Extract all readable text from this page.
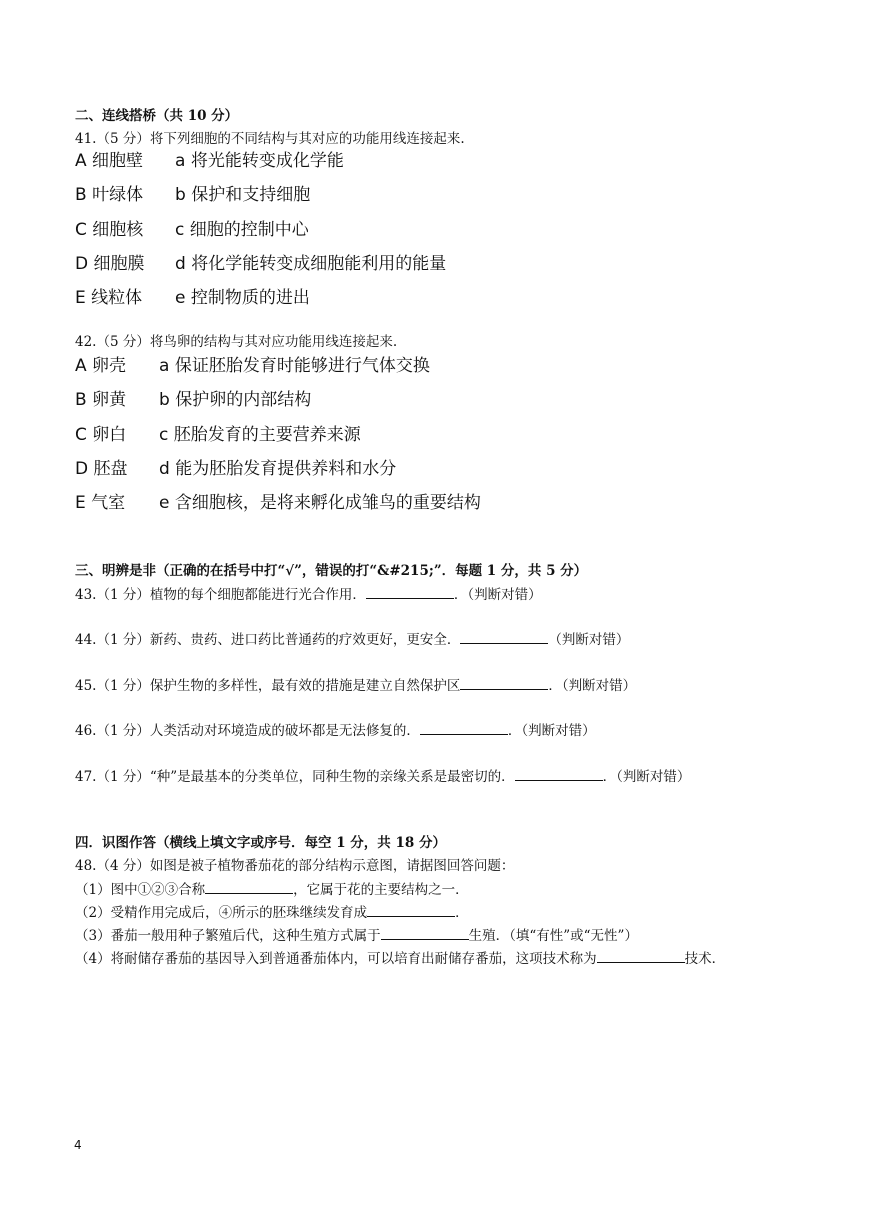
二、连线搭桥（共 10 分）
41.（5 分）将下列细胞的不同结构与其对应的功能用线连接起来.
A 细胞壁 a 将光能转变成化学能
B 叶绿体 b 保护和支持细胞
C 细胞核 c 细胞的控制中心
D 细胞膜 d 将化学能转变成细胞能利用的能量
E 线粒体 e 控制物质的进出
42.（5 分）将鸟卵的结构与其对应功能用线连接起来.
A 卵壳 a 保证胚胎发育时能够进行气体交换
B 卵黄 b 保护卵的内部结构
C 卵白 c 胚胎发育的主要营养来源
D 胚盘 d 能为胚胎发育提供养料和水分
E 气室 e 含细胞核，是将来孵化成雏鸟的重要结构
三、明辨是非（正确的在括号中打“√”，错误的打“&#215;”．每题 1 分，共 5 分）
43.（1 分）植物的每个细胞都能进行光合作用．	．（判断对错）
44.（1 分）新药、贵药、进口药比普通药的疗效更好，更安全．	（判断对错）
45.（1 分）保护生物的多样性，最有效的措施是建立自然保护区	．（判断对错）
46.（1 分）人类活动对环境造成的破坏都是无法修复的．	．（判断对错）
47.（1 分）“种”是最基本的分类单位，同种生物的亲缘关系是最密切的．	．（判断对错）
四．识图作答（横线上填文字或序号．每空 1 分，共 18 分）
48.（4 分）如图是被子植物番茄花的部分结构示意图，请据图回答问题：
（1）图中①②③合称	，它属于花的主要结构之一．
（2）受精作用完成后，④所示的胚珠继续发育成	．
（3）番茄一般用种子繁殖后代，这种生殖方式属于	生殖．（填“有性”或“无性”）
（4）将耐储存番茄的基因导入到普通番茄体内，可以培育出耐储存番茄，这项技术称为	技术．
4
